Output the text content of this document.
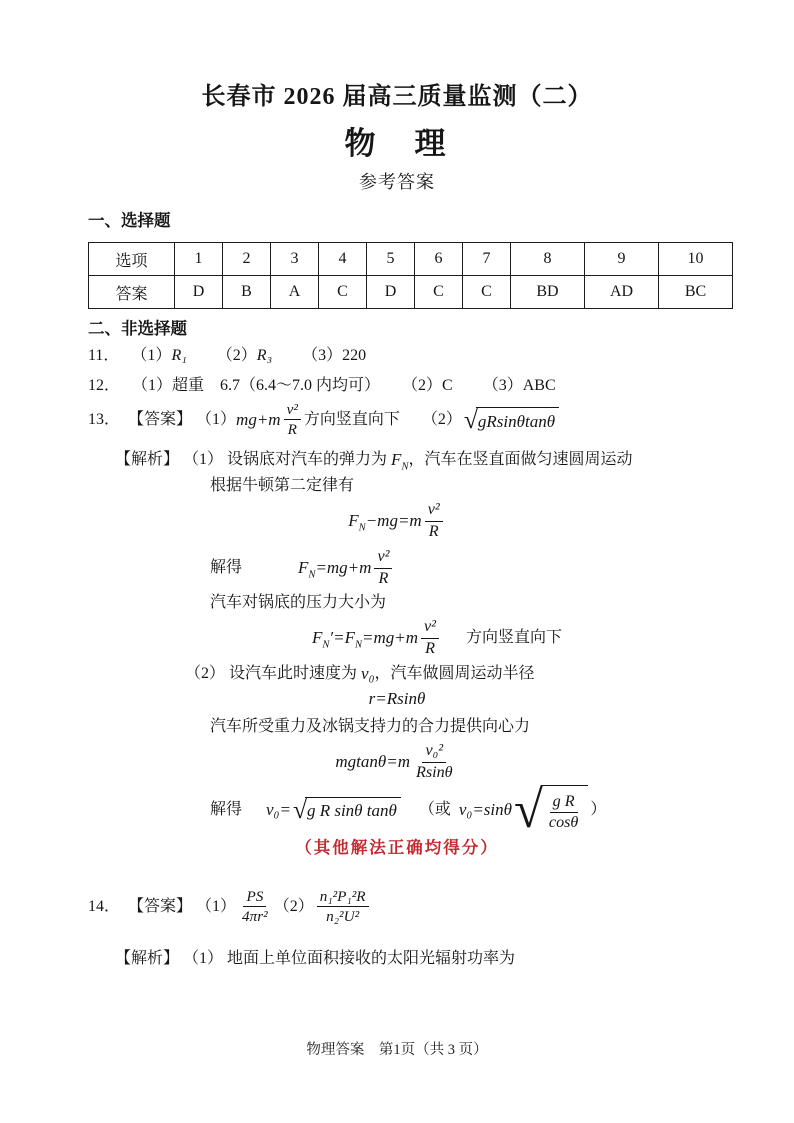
长春市 2026 届高三质量监测（二）
物　理
参考答案
一、选择题
选项	1	2	3	4	5	6	7	8	9	10
答案	D	B	A	C	D	C	C	BD	AD	BC
二、非选择题
11． （1） R₁ （2） R₃ （3）220
12． （1）超重 6.7（6.4～7.0 内均可） （2）C （3）ABC
13． 【答案】 （1） $mg+m \frac{\text{v²}}{R}$ 方向竖直向下 （2） √ gRsinθtanθ
【解析】 （1） 设锅底对汽车的弹力为 $F_N$ ，汽车在竖直面做匀速圆周运动
根据牛顿第二定律有
$F_N -mg=m \frac{\text{v²}}{R}$
解得	$F_N =mg+m \frac{\text{v²}}{R}$
汽车对锅底的压力大小为
$F_N$ ′= $F_N =mg+m \frac{\text{v²}}{R}$ 方向竖直向下
（2） 设汽车此时速度为 v₀ ，汽车做圆周运动半径
r=Rsinθ
汽车所受重力及冰锅支持力的合力提供向心力
$mgtan\theta=m \frac{\text{v₀²}}{Rsin\theta}$
解得 v₀= √ g R sinθ tanθ （或 v₀=sinθ √ $\frac{\text{g R}}{\cos\theta}$ ）
（其他解法正确均得分）
14． 【答案】 $(1) \frac{PS}{\text{4πr²}} (2) \frac{\text{n₁²P₁²R}}{\text{n₂²U²}}$
【解析】 （1） 地面上单位面积接收的太阳光辐射功率为
物理答案　第1页（共 3 页）
